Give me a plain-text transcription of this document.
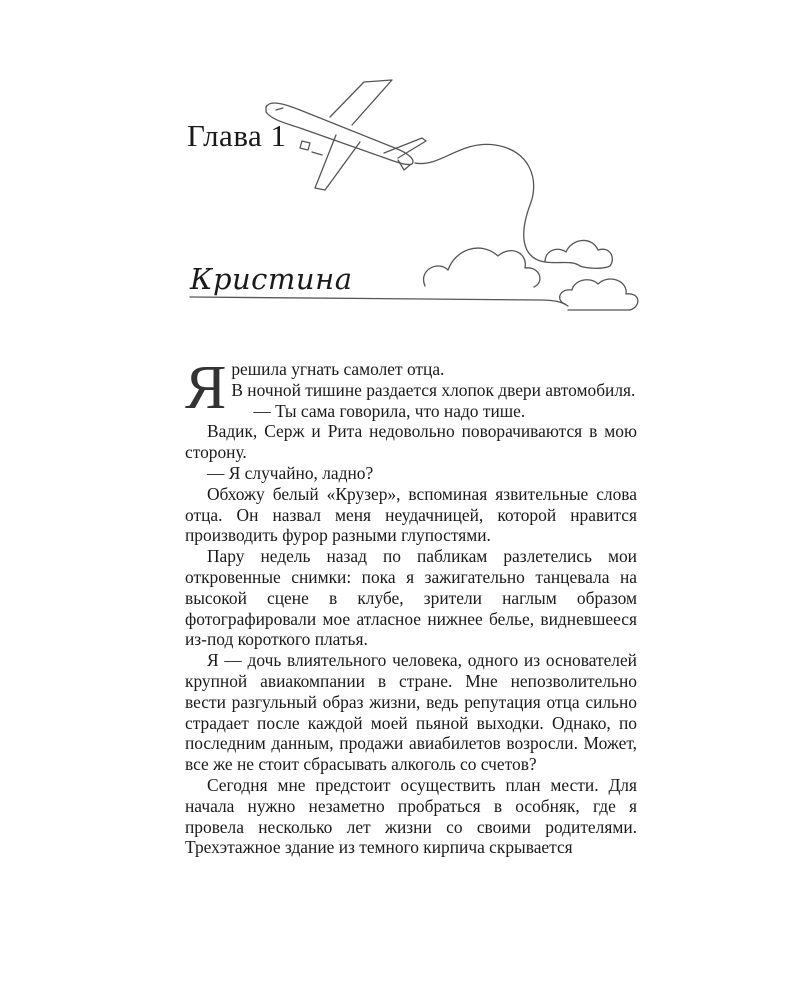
Глава 1
Кристина

Я решила угнать самолет отца.

В ночной тишине раздается хлопок двери автомобиля.

— Ты сама говорила, что надо тише.

Вадик, Серж и Рита недовольно поворачиваются в мою сторону.

— Я случайно, ладно?

Обхожу белый «Крузер», вспоминая язвительные слова отца. Он назвал меня неудачницей, которой нравится производить фурор разными глупостями.

Пару недель назад по пабликам разлетелись мои откровенные снимки: пока я зажигательно танцевала на высокой сцене в клубе, зрители наглым образом фотографировали мое атласное нижнее белье, видневшееся из-под короткого платья.

Я — дочь влиятельного человека, одного из основателей крупной авиакомпании в стране. Мне непозволительно вести разгульный образ жизни, ведь репутация отца сильно страдает после каждой моей пьяной выходки. Однако, по последним данным, продажи авиабилетов возросли. Может, все же не стоит сбрасывать алкоголь со счетов?

Сегодня мне предстоит осуществить план мести. Для начала нужно незаметно пробраться в особняк, где я провела несколько лет жизни со своими родителями. Трехэтажное здание из темного кирпича скрывается
